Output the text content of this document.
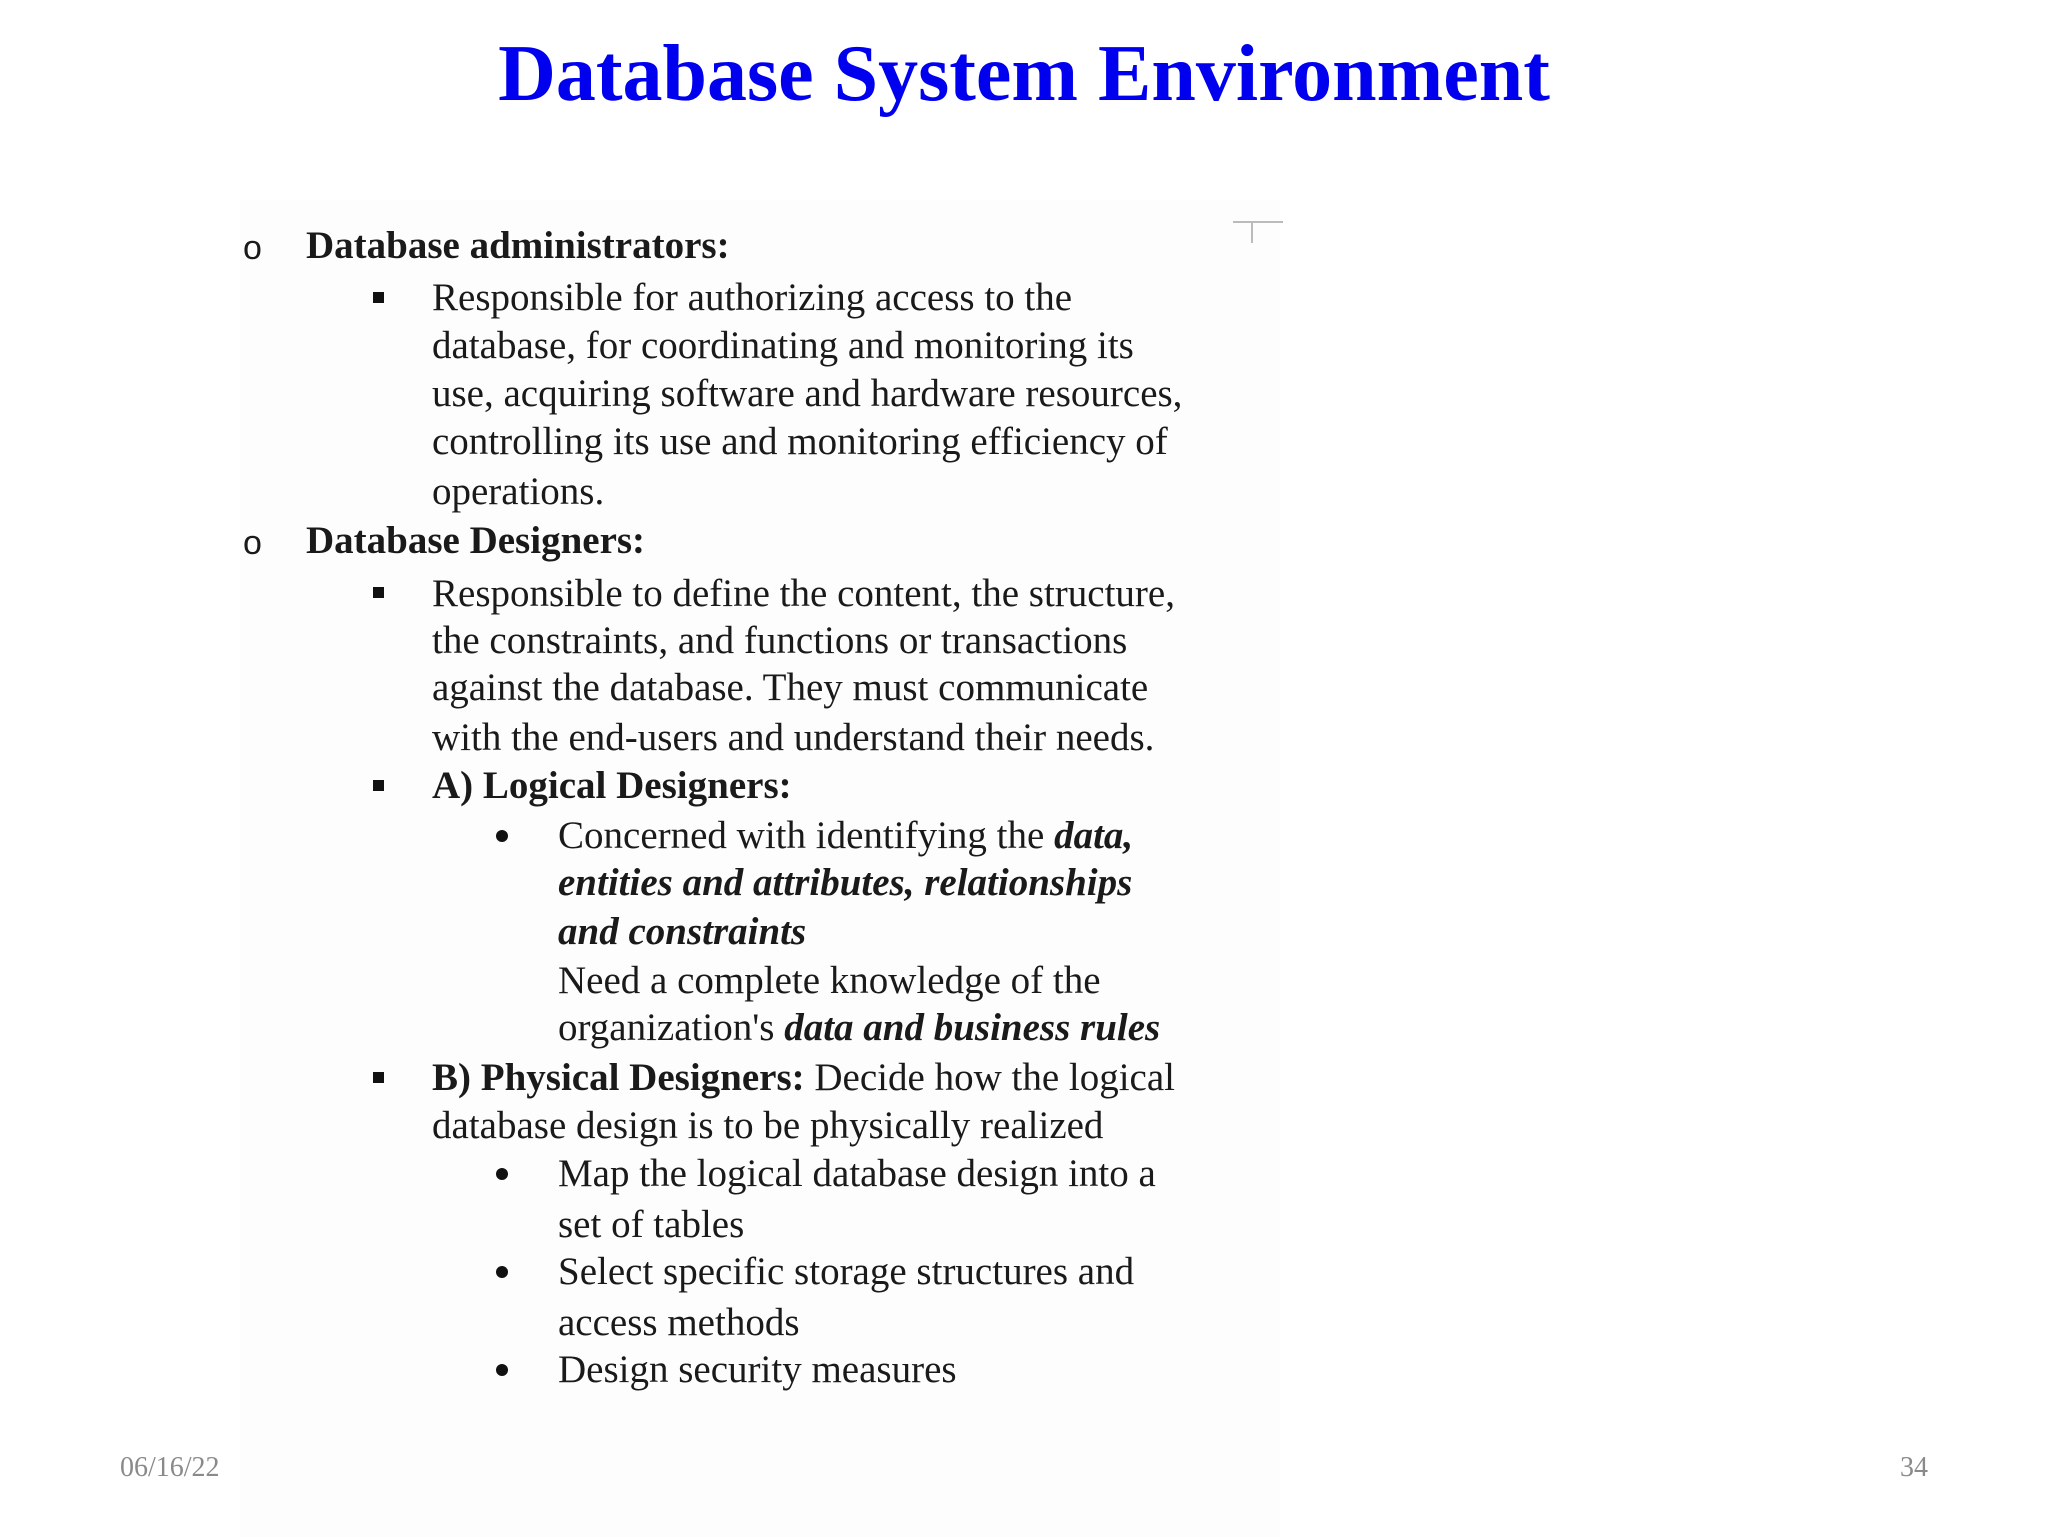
Database System Environment
o Database administrators:
Responsible for authorizing access to the
database, for coordinating and monitoring its
use, acquiring software and hardware resources,
controlling its use and monitoring efficiency of
operations.
o Database Designers:
Responsible to define the content, the structure,
the constraints, and functions or transactions
against the database. They must communicate
with the end-users and understand their needs.
A) Logical Designers:
Concerned with identifying the data,
entities and attributes, relationships
and constraints
Need a complete knowledge of the
organization's data and business rules
B) Physical Designers: Decide how the logical
database design is to be physically realized
Map the logical database design into a
set of tables
Select specific storage structures and
access methods
Design security measures
06/16/22	34
